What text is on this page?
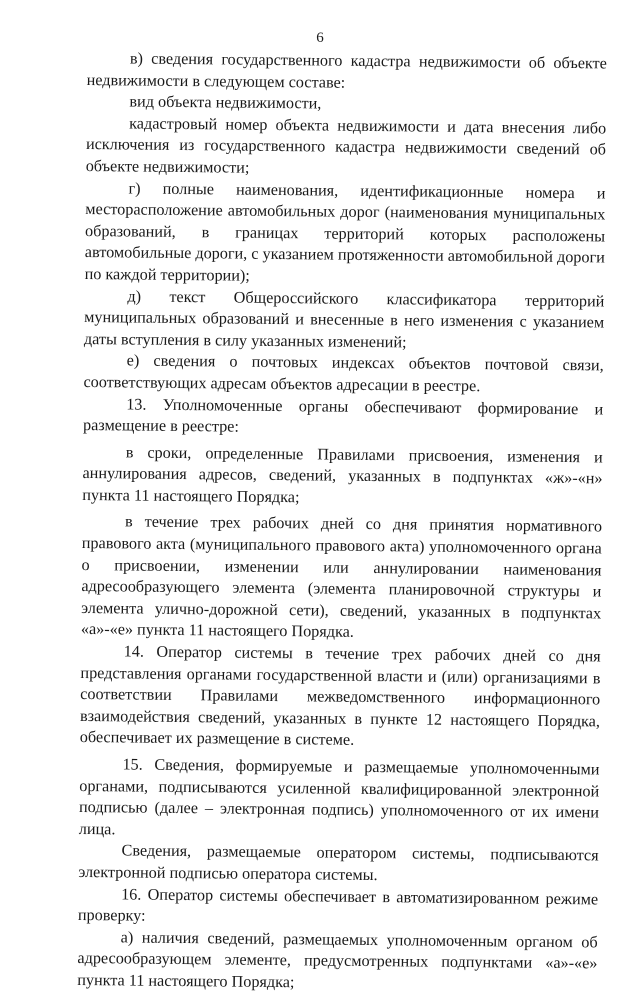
6

в) сведения государственного кадастра недвижимости об объекте недвижимости в следующем составе:

вид объекта недвижимости,

кадастровый номер объекта недвижимости и дата внесения либо исключения из государственного кадастра недвижимости сведений об объекте недвижимости;

г) полные наименования, идентификационные номера и месторасположение автомобильных дорог (наименования муниципальных образований, в границах территорий которых расположены автомобильные дороги, с указанием протяженности автомобильной дороги по каждой территории);

д) текст Общероссийского классификатора территорий муниципальных образований и внесенные в него изменения с указанием даты вступления в силу указанных изменений;

е) сведения о почтовых индексах объектов почтовой связи, соответствующих адресам объектов адресации в реестре.

13. Уполномоченные органы обеспечивают формирование и размещение в реестре:

в сроки, определенные Правилами присвоения, изменения и аннулирования адресов, сведений, указанных в подпунктах «ж»-«н» пункта 11 настоящего Порядка;

в течение трех рабочих дней со дня принятия нормативного правового акта (муниципального правового акта) уполномоченного органа о присвоении, изменении или аннулировании наименования адресообразующего элемента (элемента планировочной структуры и элемента улично-дорожной сети), сведений, указанных в подпунктах «а»-«е» пункта 11 настоящего Порядка.

14. Оператор системы в течение трех рабочих дней со дня представления органами государственной власти и (или) организациями в соответствии Правилами межведомственного информационного взаимодействия сведений, указанных в пункте 12 настоящего Порядка, обеспечивает их размещение в системе.

15. Сведения, формируемые и размещаемые уполномоченными органами, подписываются усиленной квалифицированной электронной подписью (далее – электронная подпись) уполномоченного от их имени лица.

Сведения, размещаемые оператором системы, подписываются электронной подписью оператора системы.

16. Оператор системы обеспечивает в автоматизированном режиме проверку:

а) наличия сведений, размещаемых уполномоченным органом об адресообразующем элементе, предусмотренных подпунктами «а»-«е» пункта 11 настоящего Порядка;
